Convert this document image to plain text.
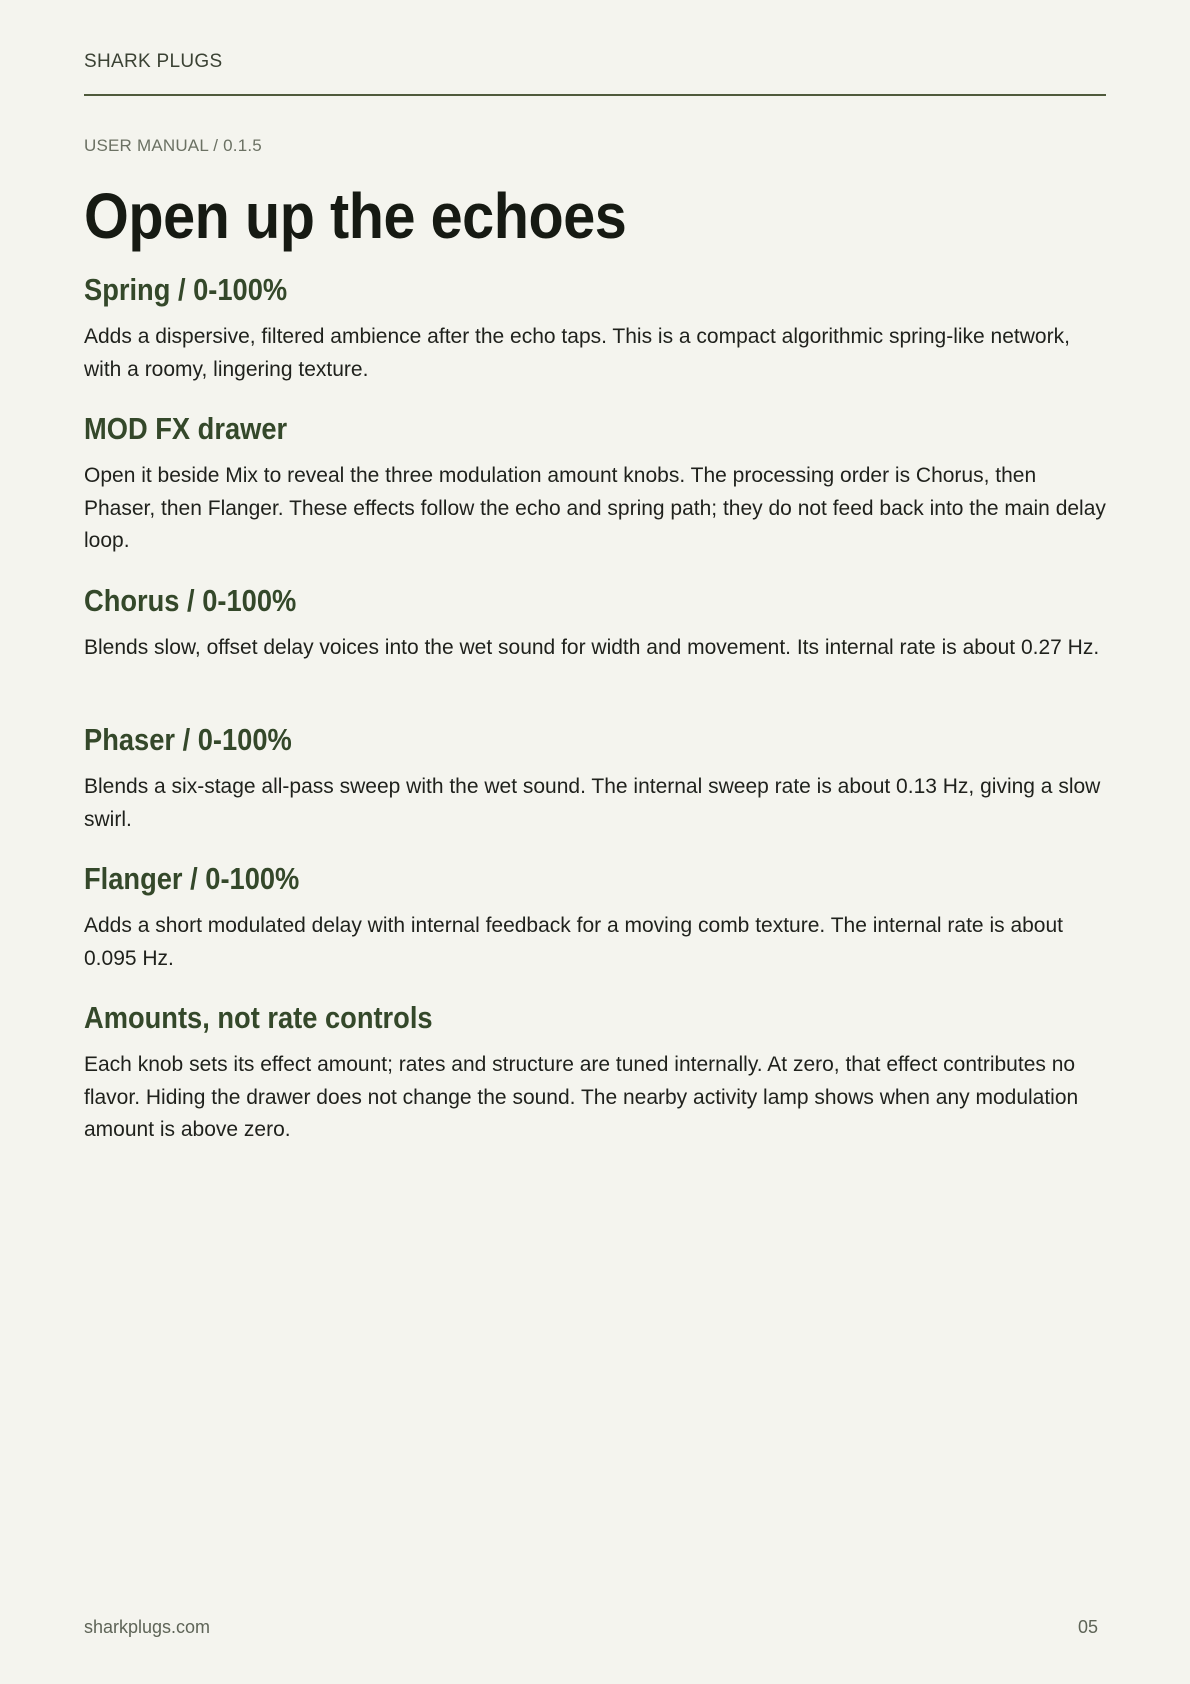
SHARK PLUGS
USER MANUAL / 0.1.5
Open up the echoes
Spring / 0-100%

Adds a dispersive, filtered ambience after the echo taps. This is a compact algorithmic spring-like network, with a roomy, lingering texture.

MOD FX drawer

Open it beside Mix to reveal the three modulation amount knobs. The processing order is Chorus, then Phaser, then Flanger. These effects follow the echo and spring path; they do not feed back into the main delay loop.

Chorus / 0-100%

Blends slow, offset delay voices into the wet sound for width and movement. Its internal rate is about 0.27 Hz.

Phaser / 0-100%

Blends a six-stage all-pass sweep with the wet sound. The internal sweep rate is about 0.13 Hz, giving a slow swirl.

Flanger / 0-100%

Adds a short modulated delay with internal feedback for a moving comb texture. The internal rate is about 0.095 Hz.

Amounts, not rate controls

Each knob sets its effect amount; rates and structure are tuned internally. At zero, that effect contributes no flavor. Hiding the drawer does not change the sound. The nearby activity lamp shows when any modulation amount is above zero.

sharkplugs.com	05
